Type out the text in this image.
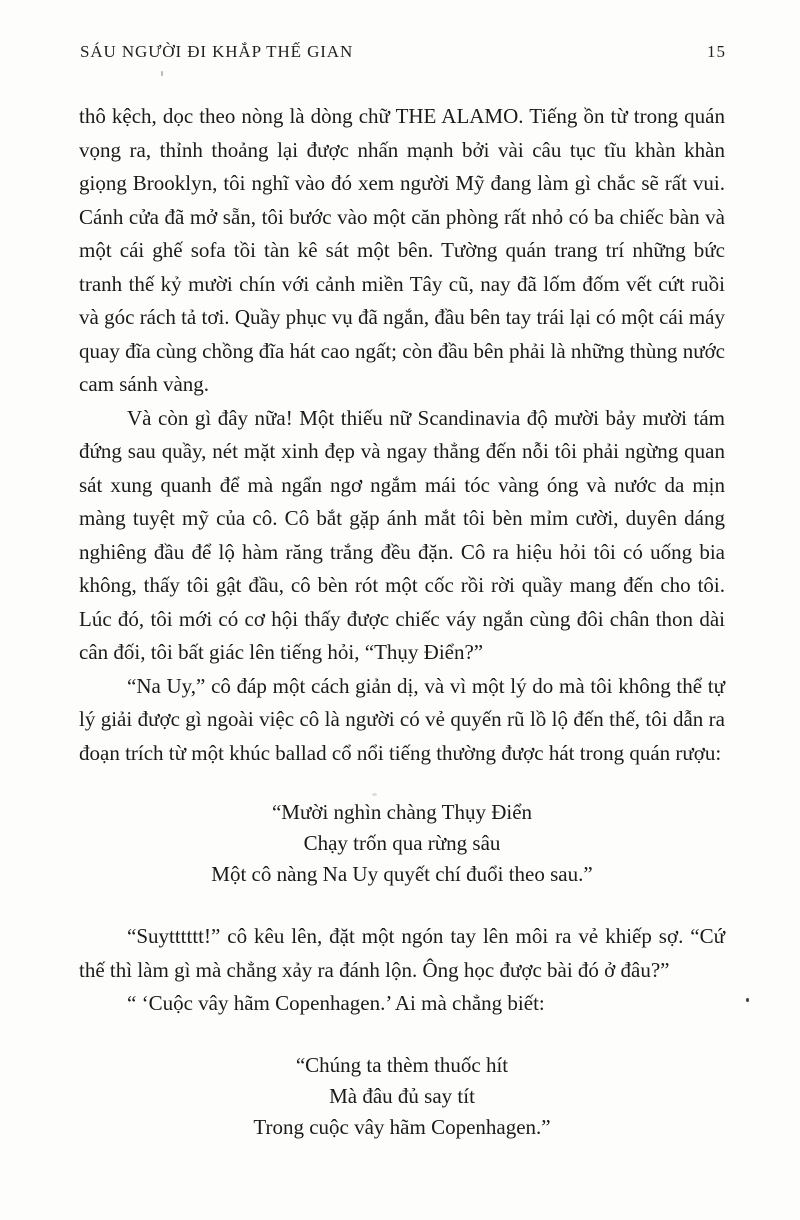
SÁU NGƯỜI ĐI KHẮP THẾ GIAN	15

thô kệch, dọc theo nòng là dòng chữ THE ALAMO. Tiếng ồn từ trong quán vọng ra, thỉnh thoảng lại được nhấn mạnh bởi vài câu tục tĩu khàn khàn giọng Brooklyn, tôi nghĩ vào đó xem người Mỹ đang làm gì chắc sẽ rất vui. Cánh cửa đã mở sẵn, tôi bước vào một căn phòng rất nhỏ có ba chiếc bàn và một cái ghế sofa tồi tàn kê sát một bên. Tường quán trang trí những bức tranh thế kỷ mười chín với cảnh miền Tây cũ, nay đã lốm đốm vết cứt ruồi và góc rách tả tơi. Quầy phục vụ đã ngắn, đầu bên tay trái lại có một cái máy quay đĩa cùng chồng đĩa hát cao ngất; còn đầu bên phải là những thùng nước cam sánh vàng.

Và còn gì đây nữa! Một thiếu nữ Scandinavia độ mười bảy mười tám đứng sau quầy, nét mặt xinh đẹp và ngay thẳng đến nỗi tôi phải ngừng quan sát xung quanh để mà ngẩn ngơ ngắm mái tóc vàng óng và nước da mịn màng tuyệt mỹ của cô. Cô bắt gặp ánh mắt tôi bèn mỉm cười, duyên dáng nghiêng đầu để lộ hàm răng trắng đều đặn. Cô ra hiệu hỏi tôi có uống bia không, thấy tôi gật đầu, cô bèn rót một cốc rồi rời quầy mang đến cho tôi. Lúc đó, tôi mới có cơ hội thấy được chiếc váy ngắn cùng đôi chân thon dài cân đối, tôi bất giác lên tiếng hỏi, “Thụy Điển?”

“Na Uy,” cô đáp một cách giản dị, và vì một lý do mà tôi không thể tự lý giải được gì ngoài việc cô là người có vẻ quyến rũ lồ lộ đến thế, tôi dẫn ra đoạn trích từ một khúc ballad cổ nổi tiếng thường được hát trong quán rượu:

“Mười nghìn chàng Thụy Điển
Chạy trốn qua rừng sâu
Một cô nàng Na Uy quyết chí đuổi theo sau.”

“Suytttttt!” cô kêu lên, đặt một ngón tay lên môi ra vẻ khiếp sợ. “Cứ thế thì làm gì mà chẳng xảy ra đánh lộn. Ông học được bài đó ở đâu?”

“ ‘Cuộc vây hãm Copenhagen.’ Ai mà chẳng biết:

“Chúng ta thèm thuốc hít
Mà đâu đủ say tít
Trong cuộc vây hãm Copenhagen.”
